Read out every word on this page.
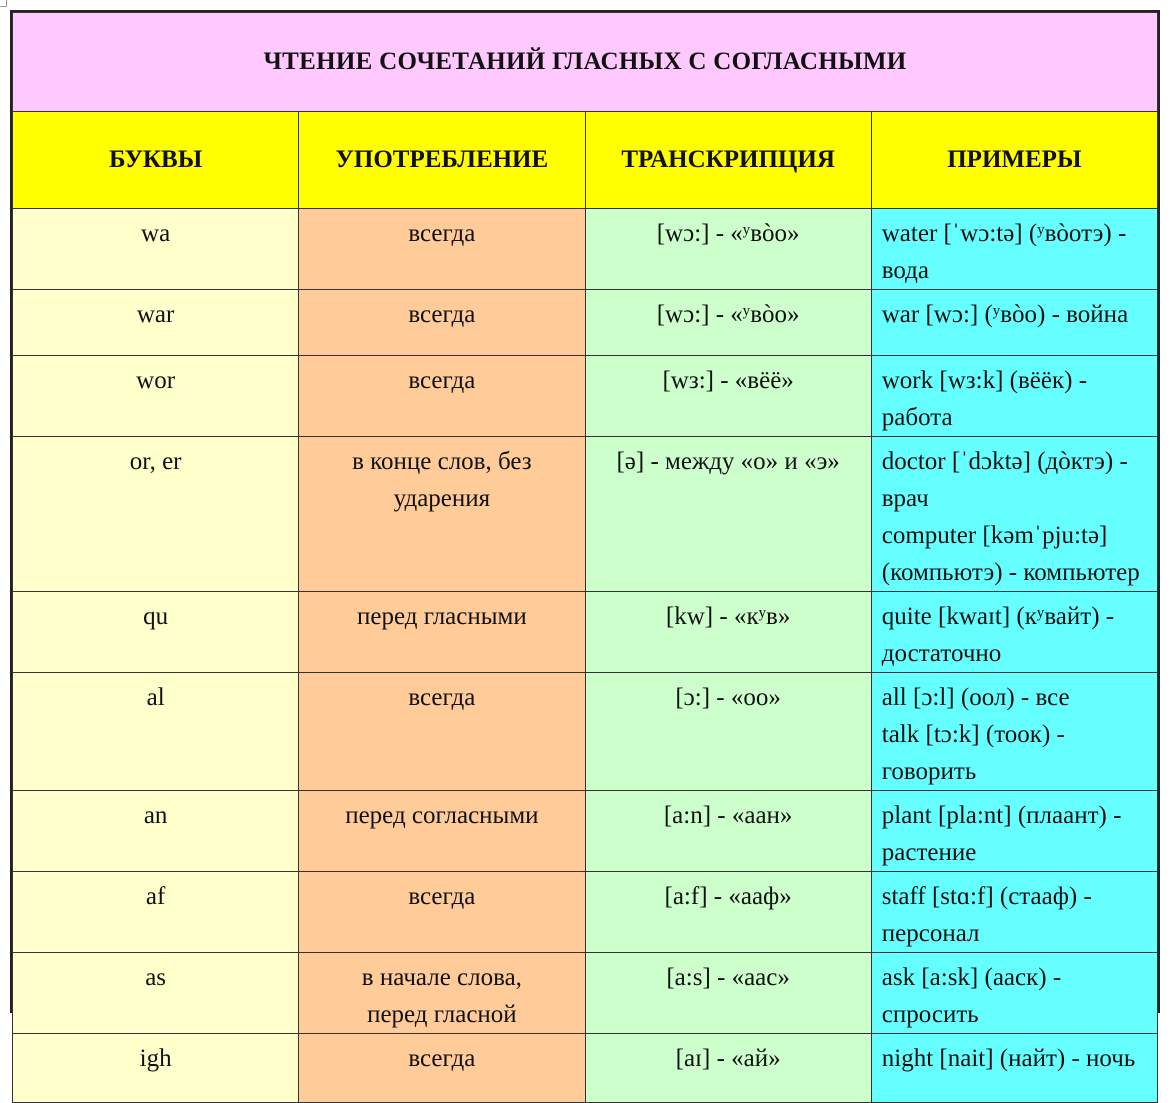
ЧТЕНИЕ СОЧЕТАНИЙ ГЛАСНЫХ С СОГЛАСНЫМИ			
БУКВЫ	УПОТРЕБЛЕНИЕ	ТРАНСКРИПЦИЯ	ПРИМЕРЫ
wa	всегда	[wɔ:] - «ʸвòо»	water [ˈwɔ:tə] (ʸвòотэ) - вода

war	всегда	[wɔ:] - «ʸвòо»	war [wɔ:] (ʸвòо) - война

wor	всегда	[wз:] - «вëë»	work [wз:k] (вëëк) - работа

or, er	в конце слов, без ударения	[ə] - между «о» и «э»	doctor [ˈdɔktə] (дòктэ) - врач
computer [kəmˈpju:tə] (компьютэ) - компьютер

qu	перед гласными	[kw] - «кʸв»	quite [kwaɪt] (кʸвайт) - достаточно

al	всегда	[ɔ:] - «оо»	all [ɔ:l] (оол) - все
talk [tɔ:k] (тоок) - говорить

an	перед согласными	[a:n] - «аан»	plant [pla:nt] (плаант) - растение

af	всегда	[a:f] - «ааф»	staff [stɑ:f] (стааф) - персонал

as	в начале слова, перед гласной	[a:s] - «аас»	ask [a:sk] (ааск) - спросить

igh	всегда	[aɪ] - «ай»	night [nait] (найт) - ночь
